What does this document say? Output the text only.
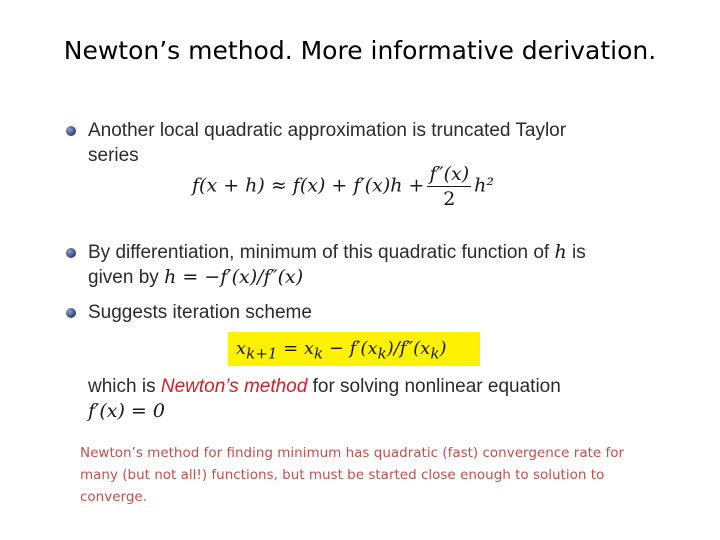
Newton’s method. More informative derivation.
Another local quadratic approximation is truncated Taylor
series
$f(x + h) \approx f(x) + f'(x)h + \frac{f''(x)}{2} h^2$
By differentiation, minimum of this quadratic function of h is
given by h = −f′(x)/f″(x)
Suggests iteration scheme
$x_{k+1} = x_k - f'(x_k)/f''(x_k)$
which is Newton’s method for solving nonlinear equation
f′(x) = 0
Newton’s method for finding minimum has quadratic (fast) convergence rate for many (but not all!) functions, but must be started close enough to solution to converge.
